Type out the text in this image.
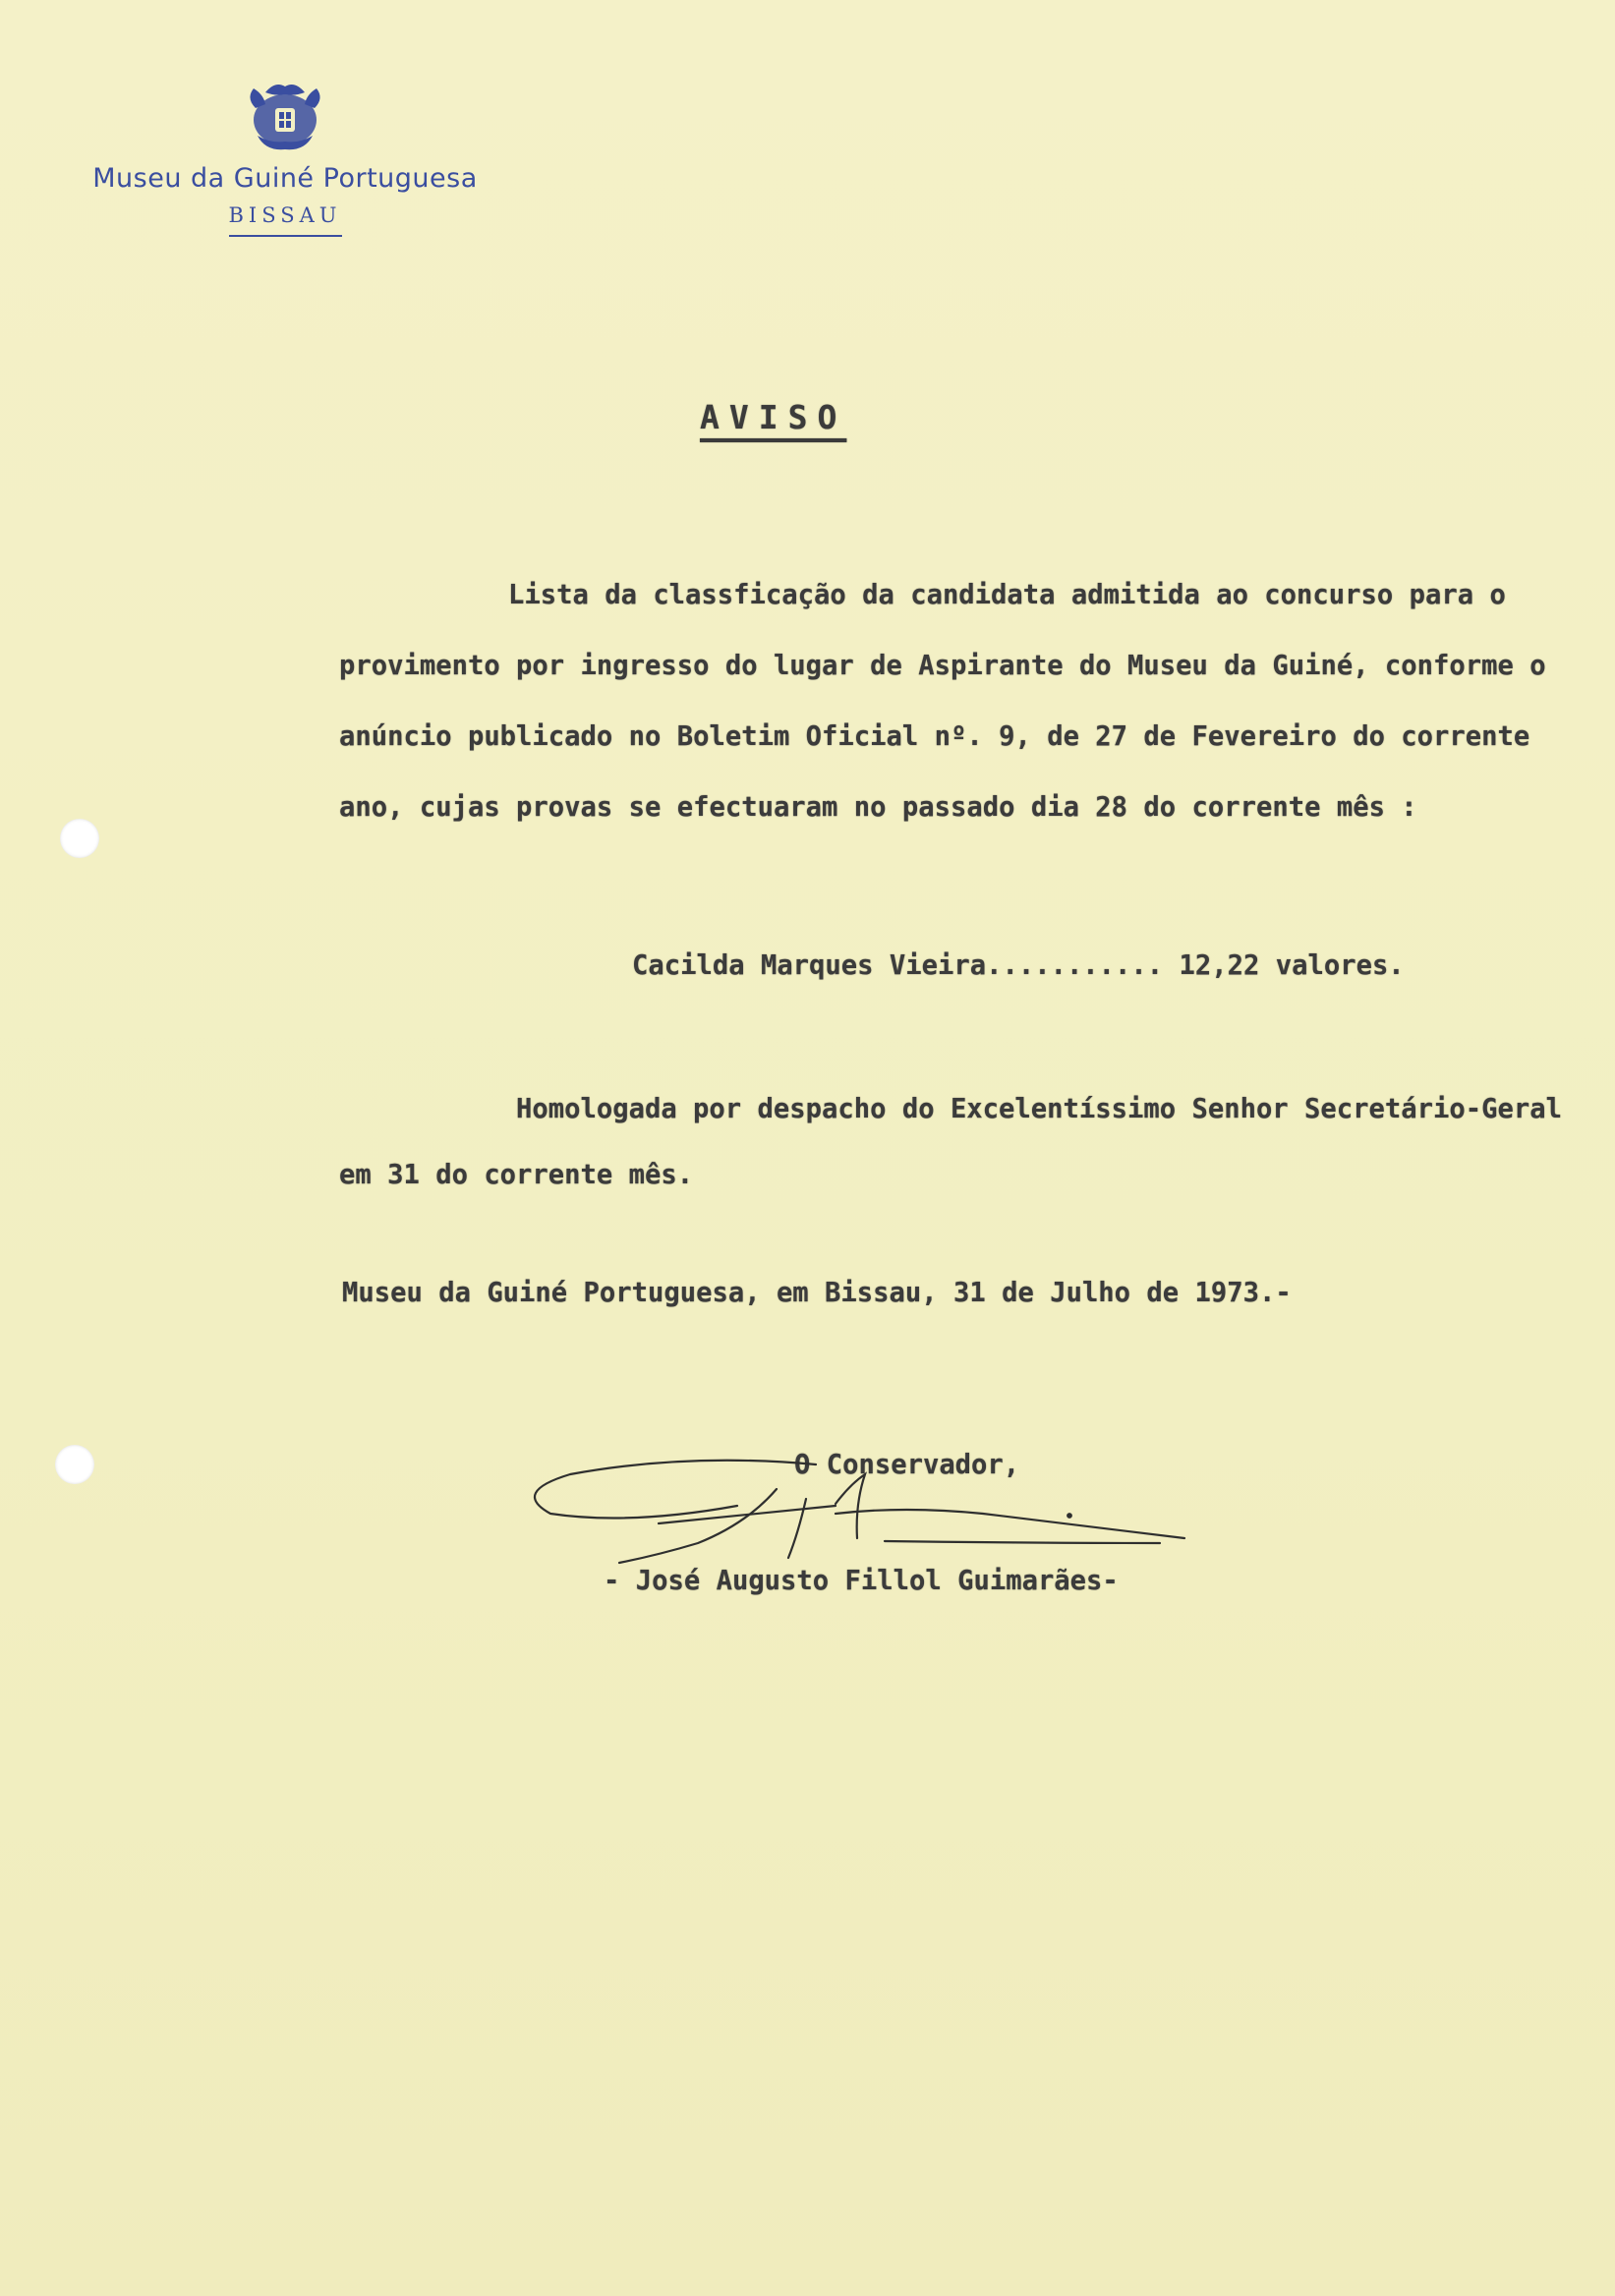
Museu da Guiné Portuguesa
BISSAU
AVISO
Lista da classficação da candidata admitida ao concurso para o provimento por ingresso do lugar de Aspirante do Museu da Guiné, conforme o anúncio publicado no Boletim Oficial nº. 9, de 27 de Fevereiro do corrente ano, cujas provas se efectuaram no passado dia 28 do corrente mês :
Cacilda Marques Vieira........... 12,22 valores.
Homologada por despacho do Excelentíssimo Senhor Secretário-Geral em 31 do corrente mês.
Museu da Guiné Portuguesa, em Bissau, 31 de Julho de 1973.-
O Conservador,
- José Augusto Fillol Guimarães-
